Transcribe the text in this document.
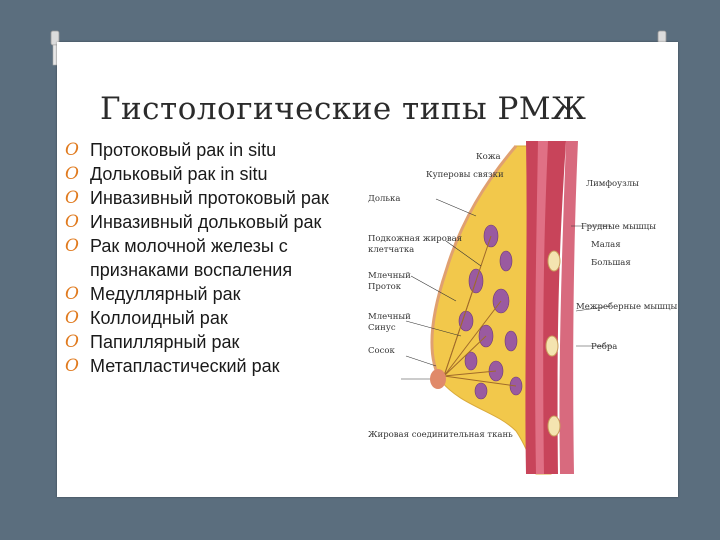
Гистологические типы РМЖ
O Протоковый рак in situ
O Дольковый рак in situ
O Инвазивный протоковый рак
O Инвазивный дольковый рак
O Рак молочной железы с признаками воспаления
O Медуллярный рак
O Коллоидный рак
O Папиллярный рак
O Метапластический рак
Кожа
Куперовы связки
Долька
Подкожная жировая
клетчатка
Млечный
Проток
Млечный
Синус
Сосок
Жировая соединительная ткань
Лимфоузлы
Грудные мышцы
Малая
Большая
Межреберные мышцы
Ребра
